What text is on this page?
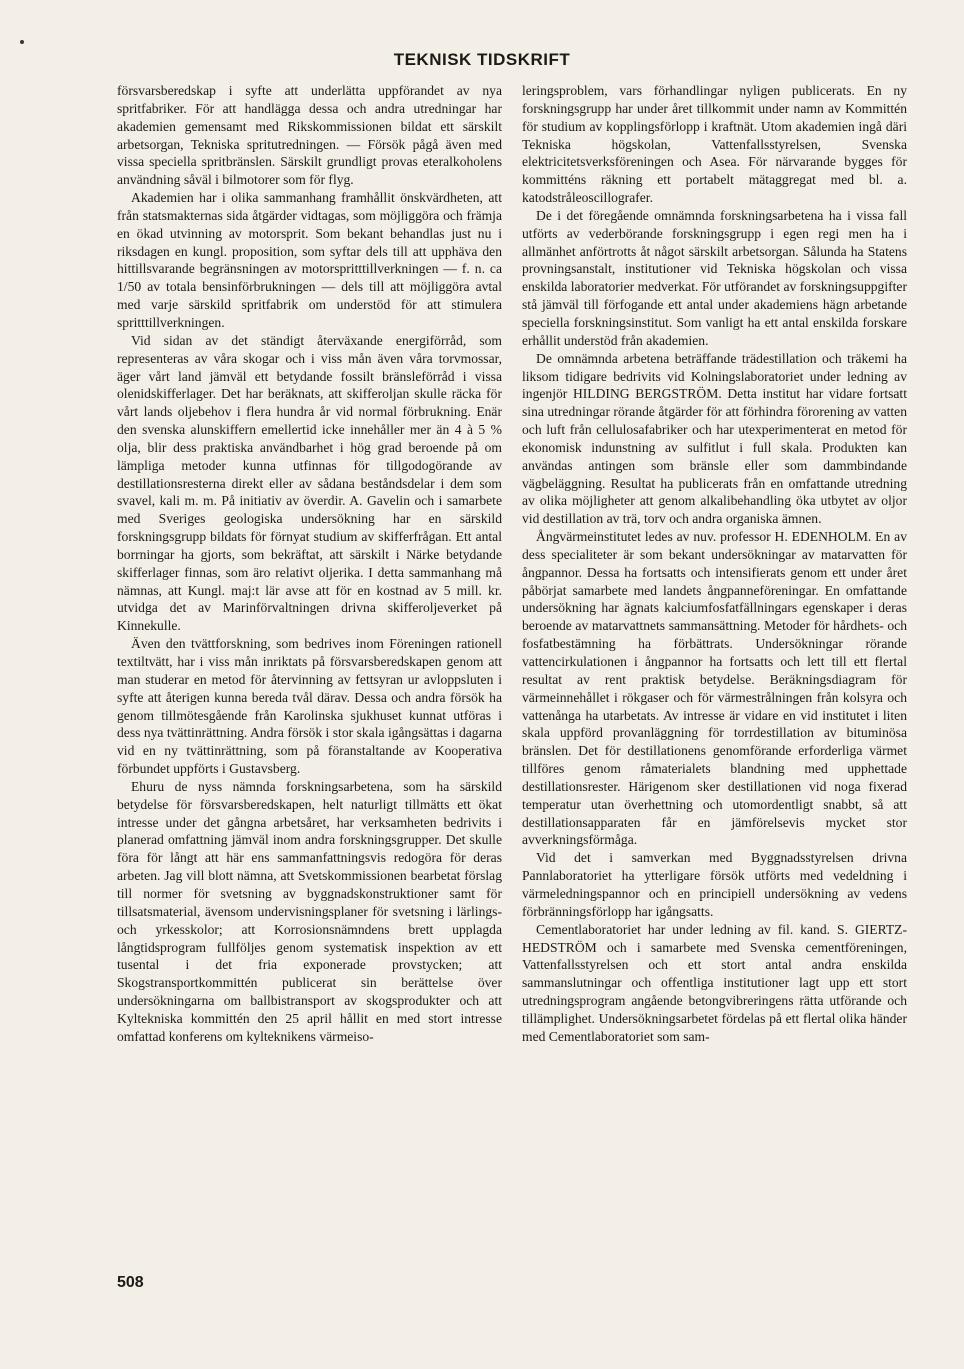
TEKNISK TIDSKRIFT

försvarsberedskap i syfte att underlätta uppförandet av nya spritfabriker. För att handlägga dessa och andra utredningar har akademien gemensamt med Rikskommissionen bildat ett särskilt arbetsorgan, Tekniska spritutredningen. — Försök pågå även med vissa speciella spritbränslen. Särskilt grundligt provas eteralkoholens användning såväl i bilmotorer som för flyg.

Akademien har i olika sammanhang framhållit önskvärdheten, att från statsmakternas sida åtgärder vidtagas, som möjliggöra och främja en ökad utvinning av motorsprit. Som bekant behandlas just nu i riksdagen en kungl. proposition, som syftar dels till att upphäva den hittillsvarande begränsningen av motorspritttillverkningen — f. n. ca 1/50 av totala bensinförbrukningen — dels till att möjliggöra avtal med varje särskild spritfabrik om understöd för att stimulera spritttillverkningen.

Vid sidan av det ständigt återväxande energiförråd, som representeras av våra skogar och i viss mån även våra torvmossar, äger vårt land jämväl ett betydande fossilt bränsleförråd i vissa olenidskifferlager. Det har beräknats, att skifferoljan skulle räcka för vårt lands oljebehov i flera hundra år vid normal förbrukning. Enär den svenska alunskiffern emellertid icke innehåller mer än 4 à 5 % olja, blir dess praktiska användbarhet i hög grad beroende på om lämpliga metoder kunna utfinnas för tillgodogörande av destillationsresterna direkt eller av sådana beståndsdelar i dem som svavel, kali m. m. På initiativ av överdir. A. Gavelin och i samarbete med Sveriges geologiska undersökning har en särskild forskningsgrupp bildats för förnyat studium av skifferfrågan. Ett antal borrningar ha gjorts, som bekräftat, att särskilt i Närke betydande skifferlager finnas, som äro relativt oljerika. I detta sammanhang må nämnas, att Kungl. maj:t lär avse att för en kostnad av 5 mill. kr. utvidga det av Marinförvaltningen drivna skifferoljeverket på Kinnekulle.

Även den tvättforskning, som bedrives inom Föreningen rationell textiltvätt, har i viss mån inriktats på försvarsberedskapen genom att man studerar en metod för återvinning av fettsyran ur avloppsluten i syfte att återigen kunna bereda tvål därav. Dessa och andra försök ha genom tillmötesgående från Karolinska sjukhuset kunnat utföras i dess nya tvättinrättning. Andra försök i stor skala igångsättas i dagarna vid en ny tvättinrättning, som på föranstaltande av Kooperativa förbundet uppförts i Gustavsberg.

Ehuru de nyss nämnda forskningsarbetena, som ha särskild betydelse för försvarsberedskapen, helt naturligt tillmätts ett ökat intresse under det gångna arbetsåret, har verksamheten bedrivits i planerad omfattning jämväl inom andra forskningsgrupper. Det skulle föra för långt att här ens sammanfattningsvis redogöra för deras arbeten. Jag vill blott nämna, att Svetskommissionen bearbetat förslag till normer för svetsning av byggnadskonstruktioner samt för tillsatsmaterial, ävensom undervisningsplaner för svetsning i lärlings- och yrkesskolor; att Korrosionsnämndens brett upplagda långtidsprogram fullföljes genom systematisk inspektion av ett tusental i det fria exponerade provstycken; att Skogstransportkommittén publicerat sin berättelse över undersökningarna om ballbistransport av skogsprodukter och att Kyltekniska kommittén den 25 april hållit en med stort intresse omfattad konferens om kylteknikens värmeiso-

leringsproblem, vars förhandlingar nyligen publicerats. En ny forskningsgrupp har under året tillkommit under namn av Kommittén för studium av kopplingsförlopp i kraftnät. Utom akademien ingå däri Tekniska högskolan, Vattenfallsstyrelsen, Svenska elektricitetsverksföreningen och Asea. För närvarande bygges för kommitténs räkning ett portabelt mätaggregat med bl. a. katodstråleoscillografer.

De i det föregående omnämnda forskningsarbetena ha i vissa fall utförts av vederbörande forskningsgrupp i egen regi men ha i allmänhet anförtrotts åt något särskilt arbetsorgan. Sålunda ha Statens provningsanstalt, institutioner vid Tekniska högskolan och vissa enskilda laboratorier medverkat. För utförandet av forskningsuppgifter stå jämväl till förfogande ett antal under akademiens hägn arbetande speciella forskningsinstitut. Som vanligt ha ett antal enskilda forskare erhållit understöd från akademien.

De omnämnda arbetena beträffande trädestillation och träkemi ha liksom tidigare bedrivits vid Kolningslaboratoriet under ledning av ingenjör HILDING BERGSTRÖM. Detta institut har vidare fortsatt sina utredningar rörande åtgärder för att förhindra förorening av vatten och luft från cellulosafabriker och har utexperimenterat en metod för ekonomisk indunstning av sulfitlut i full skala. Produkten kan användas antingen som bränsle eller som dammbindande vägbeläggning. Resultat ha publicerats från en omfattande utredning av olika möjligheter att genom alkalibehandling öka utbytet av oljor vid destillation av trä, torv och andra organiska ämnen.

Ångvärmeinstitutet ledes av nuv. professor H. EDENHOLM. En av dess specialiteter är som bekant undersökningar av matarvatten för ångpannor. Dessa ha fortsatts och intensifierats genom ett under året påbörjat samarbete med landets ångpanneföreningar. En omfattande undersökning har ägnats kalciumfosfatfällningars egenskaper i deras beroende av matarvattnets sammansättning. Metoder för hårdhets- och fosfatbestämning ha förbättrats. Undersökningar rörande vattencirkulationen i ångpannor ha fortsatts och lett till ett flertal resultat av rent praktisk betydelse. Beräkningsdiagram för värmeinnehållet i rökgaser och för värmestrålningen från kolsyra och vattenånga ha utarbetats. Av intresse är vidare en vid institutet i liten skala uppförd provanläggning för torrdestillation av bituminösa bränslen. Det för destillationens genomförande erforderliga värmet tillföres genom råmaterialets blandning med upphettade destillationsrester. Härigenom sker destillationen vid noga fixerad temperatur utan överhettning och utomordentligt snabbt, så att destillationsapparaten får en jämförelsevis mycket stor avverkningsförmåga.

Vid det i samverkan med Byggnadsstyrelsen drivna Pannlaboratoriet ha ytterligare försök utförts med vedeldning i värmeledningspannor och en principiell undersökning av vedens förbränningsförlopp har igångsatts.

Cementlaboratoriet har under ledning av fil. kand. S. GIERTZ-HEDSTRÖM och i samarbete med Svenska cementföreningen, Vattenfallsstyrelsen och ett stort antal andra enskilda sammanslutningar och offentliga institutioner lagt upp ett stort utredningsprogram angående betongvibreringens rätta utförande och tillämplighet. Undersökningsarbetet fördelas på ett flertal olika händer med Cementlaboratoriet som sam-

508
